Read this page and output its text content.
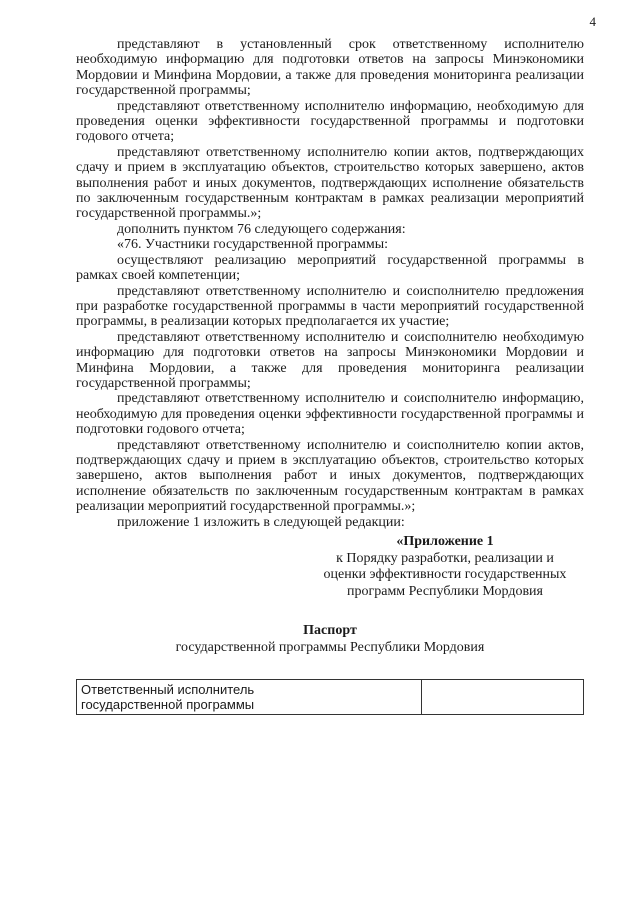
4

представляют в установленный срок ответственному исполнителю необходимую информацию для подготовки ответов на запросы Минэкономики Мордовии и Минфина Мордовии, а также для проведения мониторинга реализации государственной программы;

представляют ответственному исполнителю информацию, необходимую для проведения оценки эффективности государственной программы и подготовки годового отчета;

представляют ответственному исполнителю копии актов, подтверждающих сдачу и прием в эксплуатацию объектов, строительство которых завершено, актов выполнения работ и иных документов, подтверждающих исполнение обязательств по заключенным государственным контрактам в рамках реализации мероприятий государственной программы.»;

дополнить пунктом 76 следующего содержания:

«76. Участники государственной программы:

осуществляют реализацию мероприятий государственной программы в рамках своей компетенции;

представляют ответственному исполнителю и соисполнителю предложения при разработке государственной программы в части мероприятий государственной программы, в реализации которых предполагается их участие;

представляют ответственному исполнителю и соисполнителю необходимую информацию для подготовки ответов на запросы Минэкономики Мордовии и Минфина Мордовии, а также для проведения мониторинга реализации государственной программы;

представляют ответственному исполнителю и соисполнителю информацию, необходимую для проведения оценки эффективности государственной программы и подготовки годового отчета;

представляют ответственному исполнителю и соисполнителю копии актов, подтверждающих сдачу и прием в эксплуатацию объектов, строительство которых завершено, актов выполнения работ и иных документов, подтверждающих исполнение обязательств по заключенным государственным контрактам в рамках реализации мероприятий государственной программы.»;

приложение 1 изложить в следующей редакции:

«Приложение 1
к Порядку разработки, реализации и
оценки эффективности государственных
программ Республики Мордовия
Паспорт
государственной программы Республики Мордовия
Ответственный исполнитель
государственной программы
